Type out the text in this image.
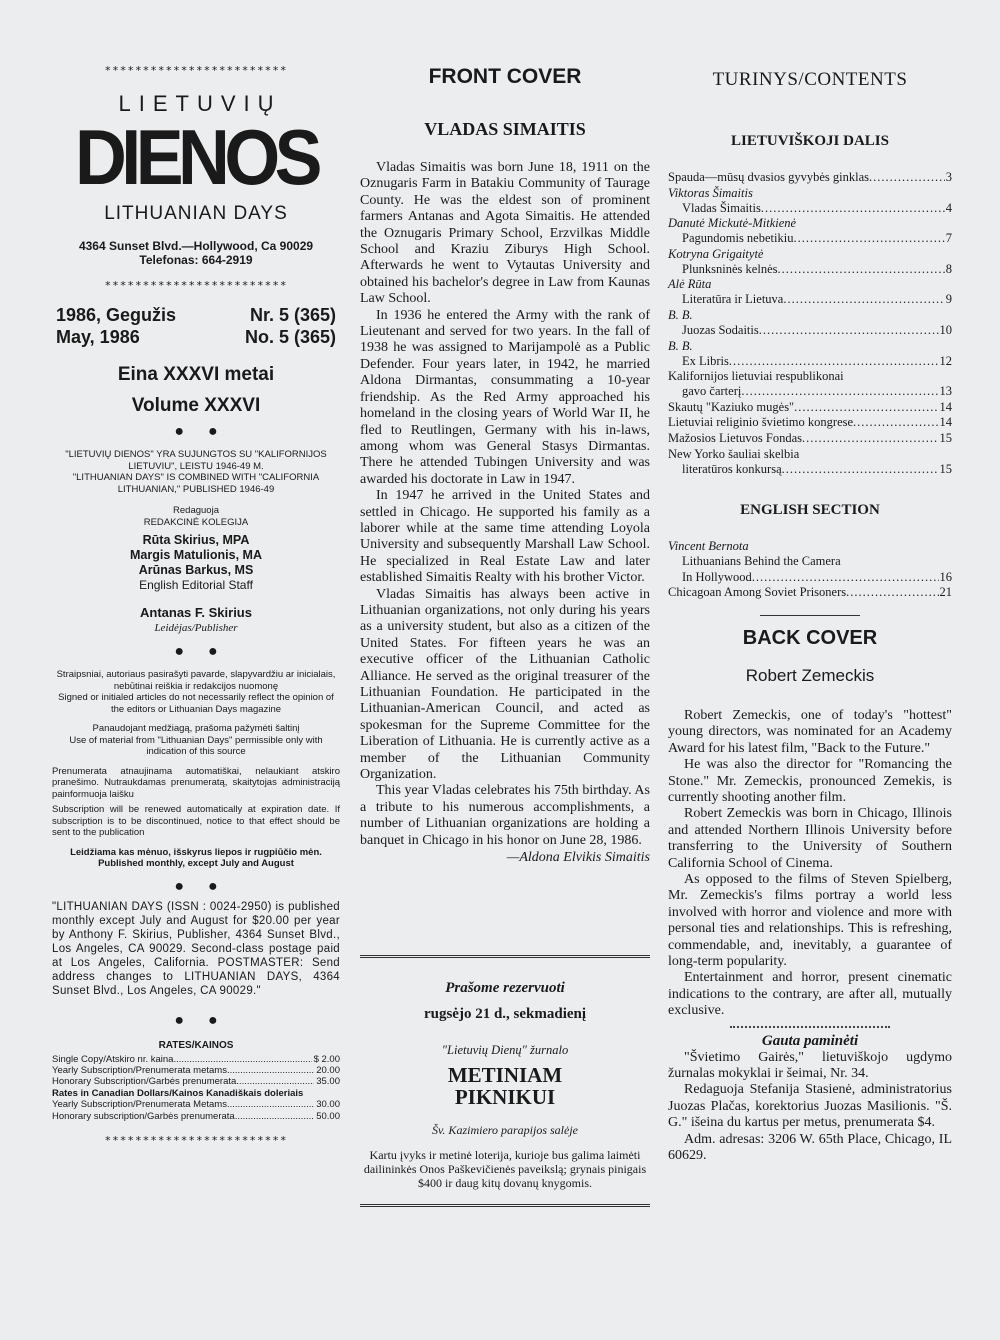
************************
LIETUVIŲ
DIENOS
LITHUANIAN DAYS
4364 Sunset Blvd.—Hollywood, Ca 90029
Telefonas: 664-2919
************************
1986, Gegužis	Nr. 5 (365)
May, 1986	No. 5 (365)
Eina XXXVI metai
Volume XXXVI
●●
"LIETUVIŲ DIENOS" YRA SUJUNGTOS SU "KALIFORNIJOS LIETUVIU", LEISTU 1946-49 M.
"LITHUANIAN DAYS" IS COMBINED WITH "CALIFORNIA LITHUANIAN," PUBLISHED 1946-49
Redaguoja
REDAKCINĖ KOLEGIJA
Rūta Skirius, MPA
Margis Matulionis, MA
Arūnas Barkus, MS
English Editorial Staff
Antanas F. Skirius
Leidėjas/Publisher
●●
Straipsniai, autoriaus pasirašyti pavarde, slapyvardžiu ar inicialais, nebūtinai reiškia ir redakcijos nuomonę
Signed or initialed articles do not necessarily reflect the opinion of the editors or Lithuanian Days magazine
Panaudojant medžiagą, prašoma pažymėti šaltinį
Use of material from "Lithuanian Days" permissible only with indication of this source
Prenumerata atnaujinama automatiškai, nelaukiant atskiro pranešimo. Nutraukdamas prenumeratą, skaitytojas administraciją painformuoja laišku
Subscription will be renewed automatically at expiration date. If subscription is to be discontinued, notice to that effect should be sent to the publication
Leidžiama kas mėnuo, išskyrus liepos ir rugpiūčio mėn.
Published monthly, except July and August
●●
"LITHUANIAN DAYS (ISSN : 0024-2950) is published monthly except July and August for $20.00 per year by Anthony F. Skirius, Publisher, 4364 Sunset Blvd., Los Angeles, CA 90029. Second-class postage paid at Los Angeles, California. POSTMASTER: Send address changes to LITHUANIAN DAYS, 4364 Sunset Blvd., Los Angeles, CA 90029."
●●
RATES/KAINOS
Single Copy/Atskiro nr. kaina .....	$ 2.00
Yearly Subscription/Prenumerata metams .....	20.00
Honorary Subscription/Garbės prenumerata .....	35.00
Rates in Canadian Dollars/Kainos Kanadiškais doleriais
Yearly Subscription/Prenumerata Metams .....	30.00
Honorary subscription/Garbės prenumerata .....	50.00
************************
FRONT COVER
VLADAS SIMAITIS

Vladas Simaitis was born June 18, 1911 on the Oznugaris Farm in Batakiu Community of Taurage County. He was the eldest son of prominent farmers Antanas and Agota Simaitis. He attended the Oznugaris Primary School, Erzvilkas Middle School and Kraziu Ziburys High School. Afterwards he went to Vytautas University and obtained his bachelor's degree in Law from Kaunas Law School.

In 1936 he entered the Army with the rank of Lieutenant and served for two years. In the fall of 1938 he was assigned to Marijampolė as a Public Defender. Four years later, in 1942, he married Aldona Dirmantas, consummating a 10-year friendship. As the Red Army approached his homeland in the closing years of World War II, he fled to Reutlingen, Germany with his in-laws, among whom was General Stasys Dirmantas. There he attended Tubingen University and was awarded his doctorate in Law in 1947.

In 1947 he arrived in the United States and settled in Chicago. He supported his family as a laborer while at the same time attending Loyola University and subsequently Marshall Law School. He specialized in Real Estate Law and later established Simaitis Realty with his brother Victor.

Vladas Simaitis has always been active in Lithuanian organizations, not only during his years as a university student, but also as a citizen of the United States. For fifteen years he was an executive officer of the Lithuanian Catholic Alliance. He served as the original treasurer of the Lithuanian Foundation. He participated in the Lithuanian-American Council, and acted as spokesman for the Supreme Committee for the Liberation of Lithuania. He is currently active as a member of the Lithuanian Community Organization.

This year Vladas celebrates his 75th birthday. As a tribute to his numerous accomplishments, a number of Lithuanian organizations are holding a banquet in Chicago in his honor on June 28, 1986.

—Aldona Elvikis Simaitis
Prašome rezervuoti
rugsėjo 21 d., sekmadienį
"Lietuvių Dienų" žurnalo
METINIAM
PIKNIKUI
Šv. Kazimiero parapijos salėje
Kartu įvyks ir metinė loterija, kurioje bus galima laimėti dailininkės Onos Paškevičienės paveikslą; grynais pinigais $400 ir daug kitų dovanų knygomis.
TURINYS/CONTENTS
LIETUVIŠKOJI DALIS
Spauda—mūsų dvasios gyvybės ginklas .....	3
Viktoras Šimaitis
Vladas Šimaitis .....	4
Danutė Mickutė-Mitkienė
Pagundomis nebetikiu .....	7
Kotryna Grigaitytė
Plunksninės kelnės .....	8
Alė Rūta
Literatūra ir Lietuva .....	9
B. B.
Juozas Sodaitis .....	10
B. B.
Ex Libris .....	12
Kalifornijos lietuviai respublikonai
gavo čarterį .....	13
Skautų "Kaziuko mugės" .....	14
Lietuviai religinio švietimo kongrese .....	14
Mažosios Lietuvos Fondas .....	15
New Yorko šauliai skelbia
literatūros konkursą .....	15
ENGLISH SECTION
Vincent Bernota
Lithuanians Behind the Camera
In Hollywood .....	16
Chicagoan Among Soviet Prisoners .....	21
BACK COVER
Robert Zemeckis

Robert Zemeckis, one of today's "hottest" young directors, was nominated for an Academy Award for his latest film, "Back to the Future."

He was also the director for "Romancing the Stone." Mr. Zemeckis, pronounced Zemekis, is currently shooting another film.

Robert Zemeckis was born in Chicago, Illinois and attended Northern Illinois University before transferring to the University of Southern California School of Cinema.

As opposed to the films of Steven Spielberg, Mr. Zemeckis's films portray a world less involved with horror and violence and more with personal ties and relationships. This is refreshing, commendable, and, inevitably, a guarantee of long-term popularity.

Entertainment and horror, present cinematic indications to the contrary, are after all, mutually exclusive.

Gauta paminėti

"Švietimo Gairės," lietuviškojo ugdymo žurnalas mokyklai ir šeimai, Nr. 34.

Redaguoja Stefanija Stasienė, administratorius Juozas Plačas, korektorius Juozas Masilionis. "Š. G." išeina du kartus per metus, prenumerata $4.

Adm. adresas: 3206 W. 65th Place, Chicago, IL 60629.
